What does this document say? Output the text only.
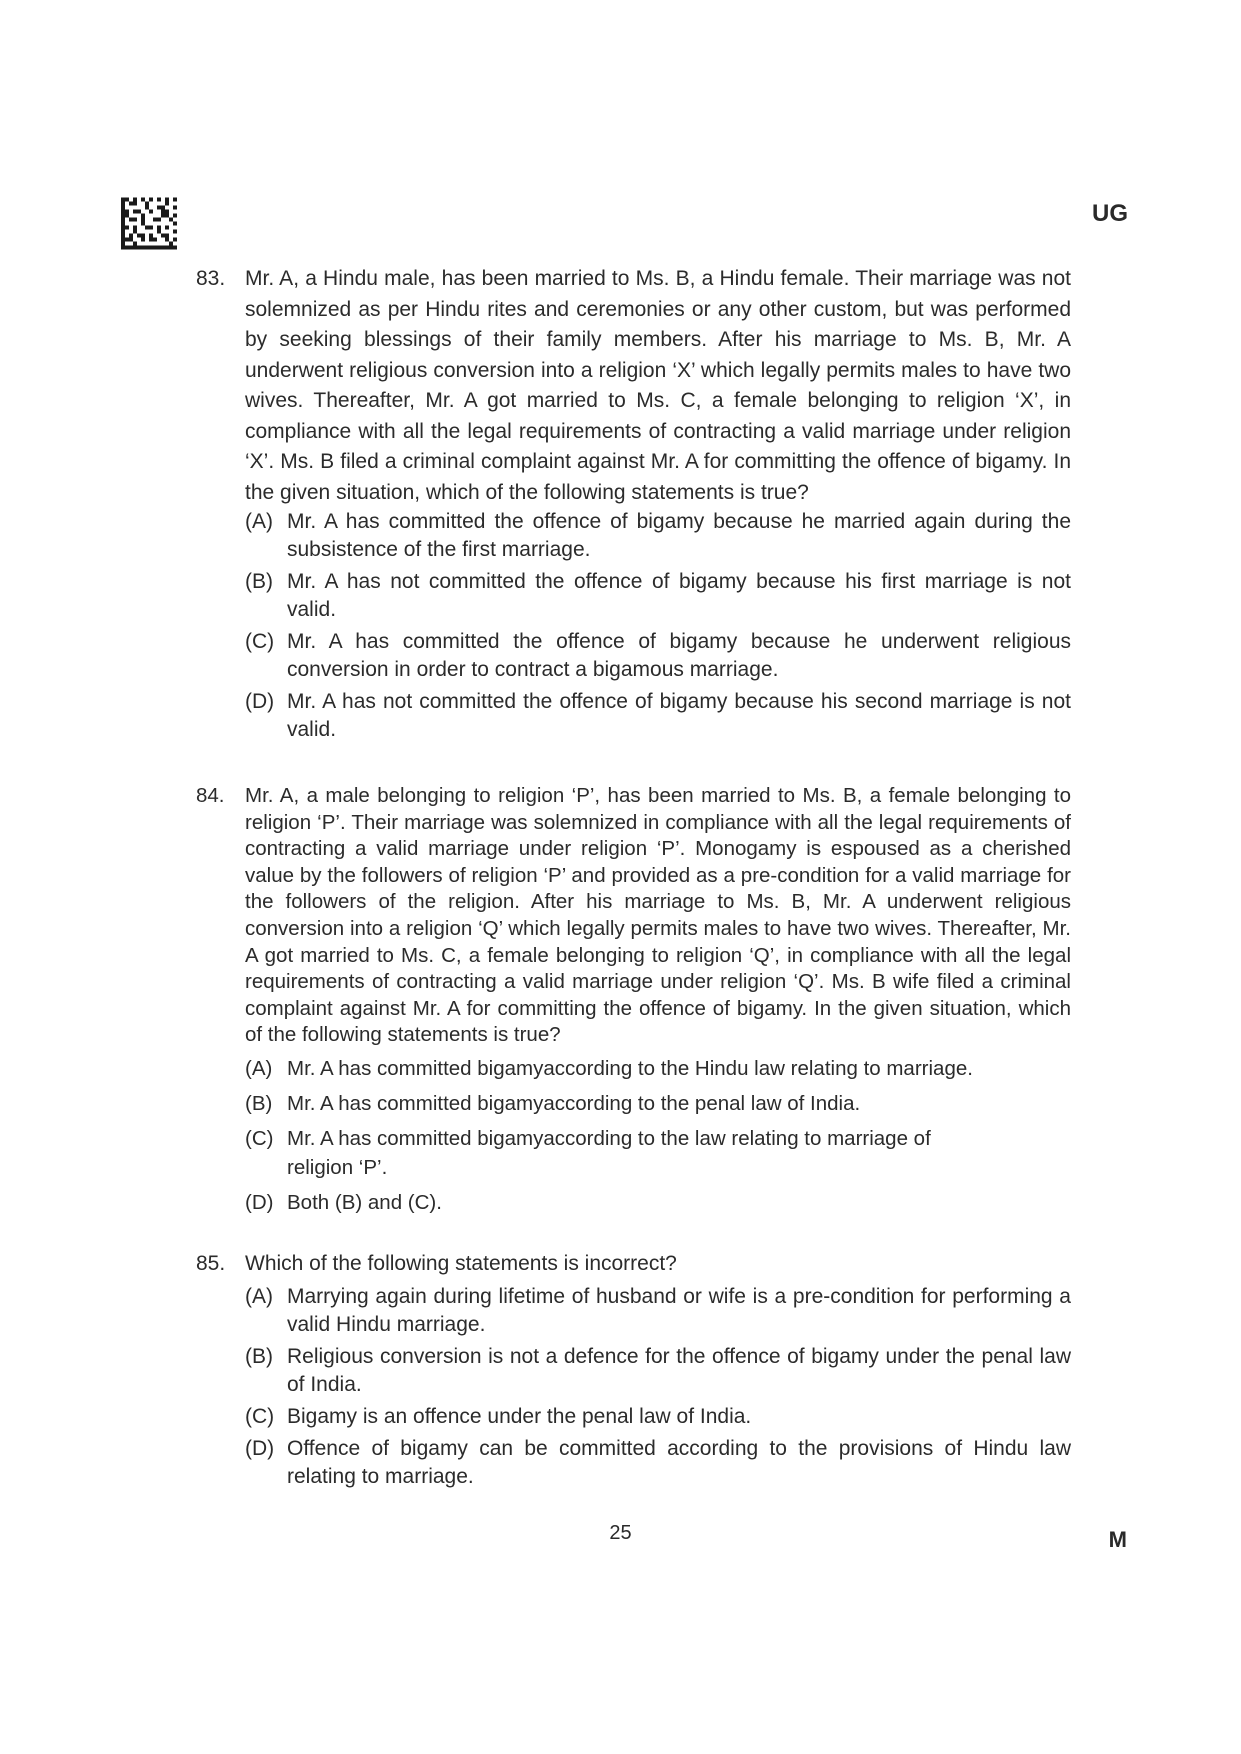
UG
83. Mr. A, a Hindu male, has been married to Ms. B, a Hindu female. Their marriage was not solemnized as per Hindu rites and ceremonies or any other custom, but was performed by seeking blessings of their family members. After his marriage to Ms. B, Mr. A underwent religious conversion into a religion ‘X’ which legally permits males to have two wives. Thereafter, Mr. A got married to Ms. C, a female belonging to religion ‘X’, in compliance with all the legal requirements of contracting a valid marriage under religion ‘X’. Ms. B filed a criminal complaint against Mr. A for committing the offence of bigamy. In the given situation, which of the following statements is true?
(A) Mr. A has committed the offence of bigamy because he married again during the subsistence of the first marriage.
(B) Mr. A has not committed the offence of bigamy because his first marriage is not valid.
(C) Mr. A has committed the offence of bigamy because he underwent religious conversion in order to contract a bigamous marriage.
(D) Mr. A has not committed the offence of bigamy because his second marriage is not valid.
84.	Mr. A, a male belonging to religion ‘P’, has been married to Ms. B, a female belonging to religion ‘P’. Their marriage was solemnized in compliance with all the legal requirements of contracting a valid marriage under religion ‘P’. Monogamy is espoused as a cherished value by the followers of religion ‘P’ and provided as a pre-condition for a valid marriage for the followers of the religion. After his marriage to Ms. B, Mr. A underwent religious conversion into a religion ‘Q’ which legally permits males to have two wives. Thereafter, Mr. A got married to Ms. C, a female belonging to religion ‘Q’, in compliance with all the legal requirements of contracting a valid marriage under religion ‘Q’. Ms. B wife filed a criminal complaint against Mr. A for committing the offence of bigamy. In the given situation, which of the following statements is true?
(A) Mr. A has committed bigamyaccording to the Hindu law relating to marriage.
(B) Mr. A has committed bigamyaccording to the penal law of India.
(C) Mr. A has committed bigamyaccording to the law relating to marriage of religion ‘P’.
(D) Both (B) and (C).
85. Which of the following statements is incorrect?
(A) Marrying again during lifetime of husband or wife is a pre-condition for performing a valid Hindu marriage.
(B) Religious conversion is not a defence for the offence of bigamy under the penal law of India.
(C) Bigamy is an offence under the penal law of India.
(D) Offence of bigamy can be committed according to the provisions of Hindu law relating to marriage.
25	M
